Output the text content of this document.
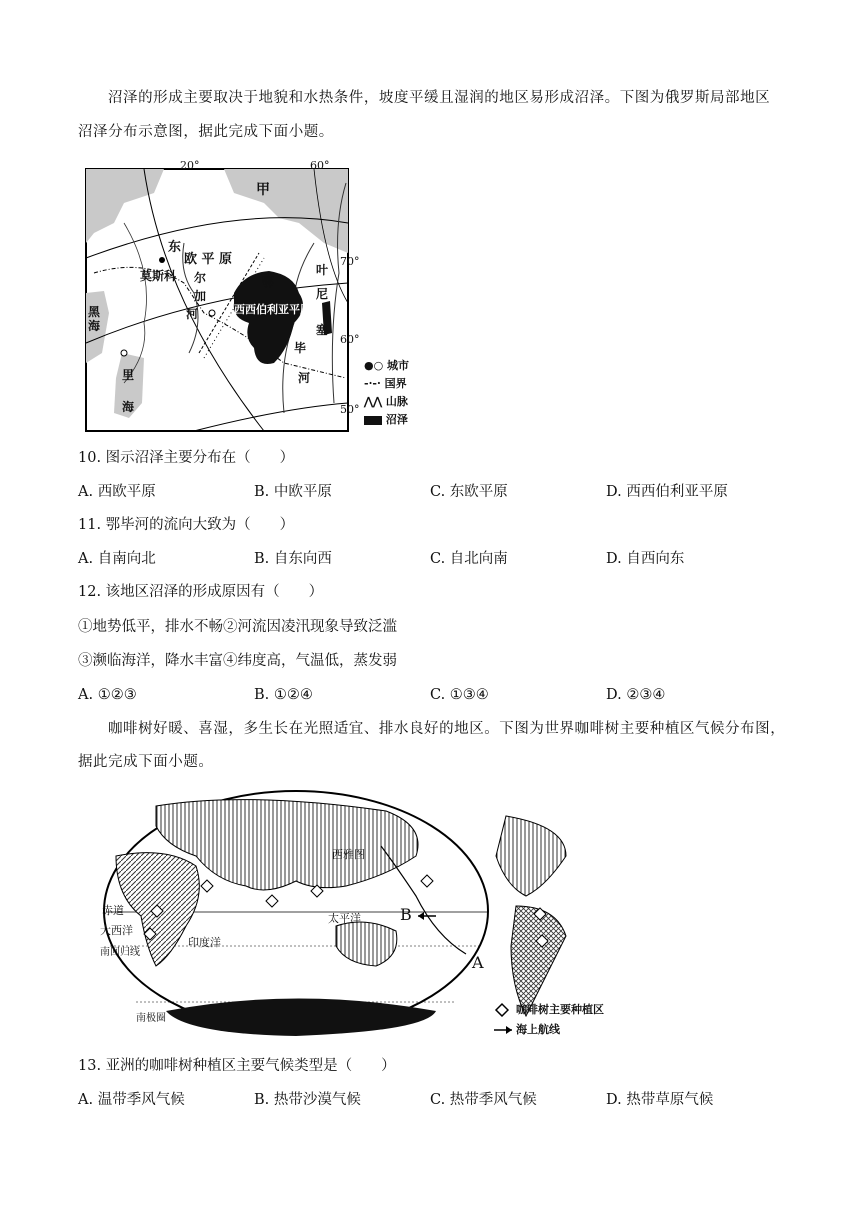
沼泽的形成主要取决于地貌和水热条件，坡度平缓且湿润的地区易形成沼泽。下图为俄罗斯局部地区
沼泽分布示意图，据此完成下面小题。
20°	60°
甲
东
欧 平 原
莫斯科 尔
加
河
黑海
里海
70°
60°
50°
叶
尼
塞
鄂
毕
河
西西伯利亚平原
●○ 城市
-·-· 国界
⋀⋀ 山脉
沼泽
10. 图示沼泽主要分布在（　　）
A. 西欧平原	B. 中欧平原	C. 东欧平原	D. 西西伯利亚平原
11. 鄂毕河的流向大致为（　　）
A. 自南向北	B. 自东向西	C. 自北向南	D. 自西向东
12. 该地区沼泽的形成原因有（　　）
①地势低平，排水不畅②河流因凌汛现象导致泛滥
③濒临海洋，降水丰富④纬度高，气温低，蒸发弱
A. ①②③	B. ①②④	C. ①③④	D. ②③④
咖啡树好暖、喜湿，多生长在光照适宜、排水良好的地区。下图为世界咖啡树主要种植区气候分布图，
据此完成下面小题。
西雅图
赤道
大西洋
南回归线
印度洋
太平洋
南极圈
A
B
咖啡树主要种植区
海上航线
13. 亚洲的咖啡树种植区主要气候类型是（　　）
A. 温带季风气候	B. 热带沙漠气候	C. 热带季风气候	D. 热带草原气候
